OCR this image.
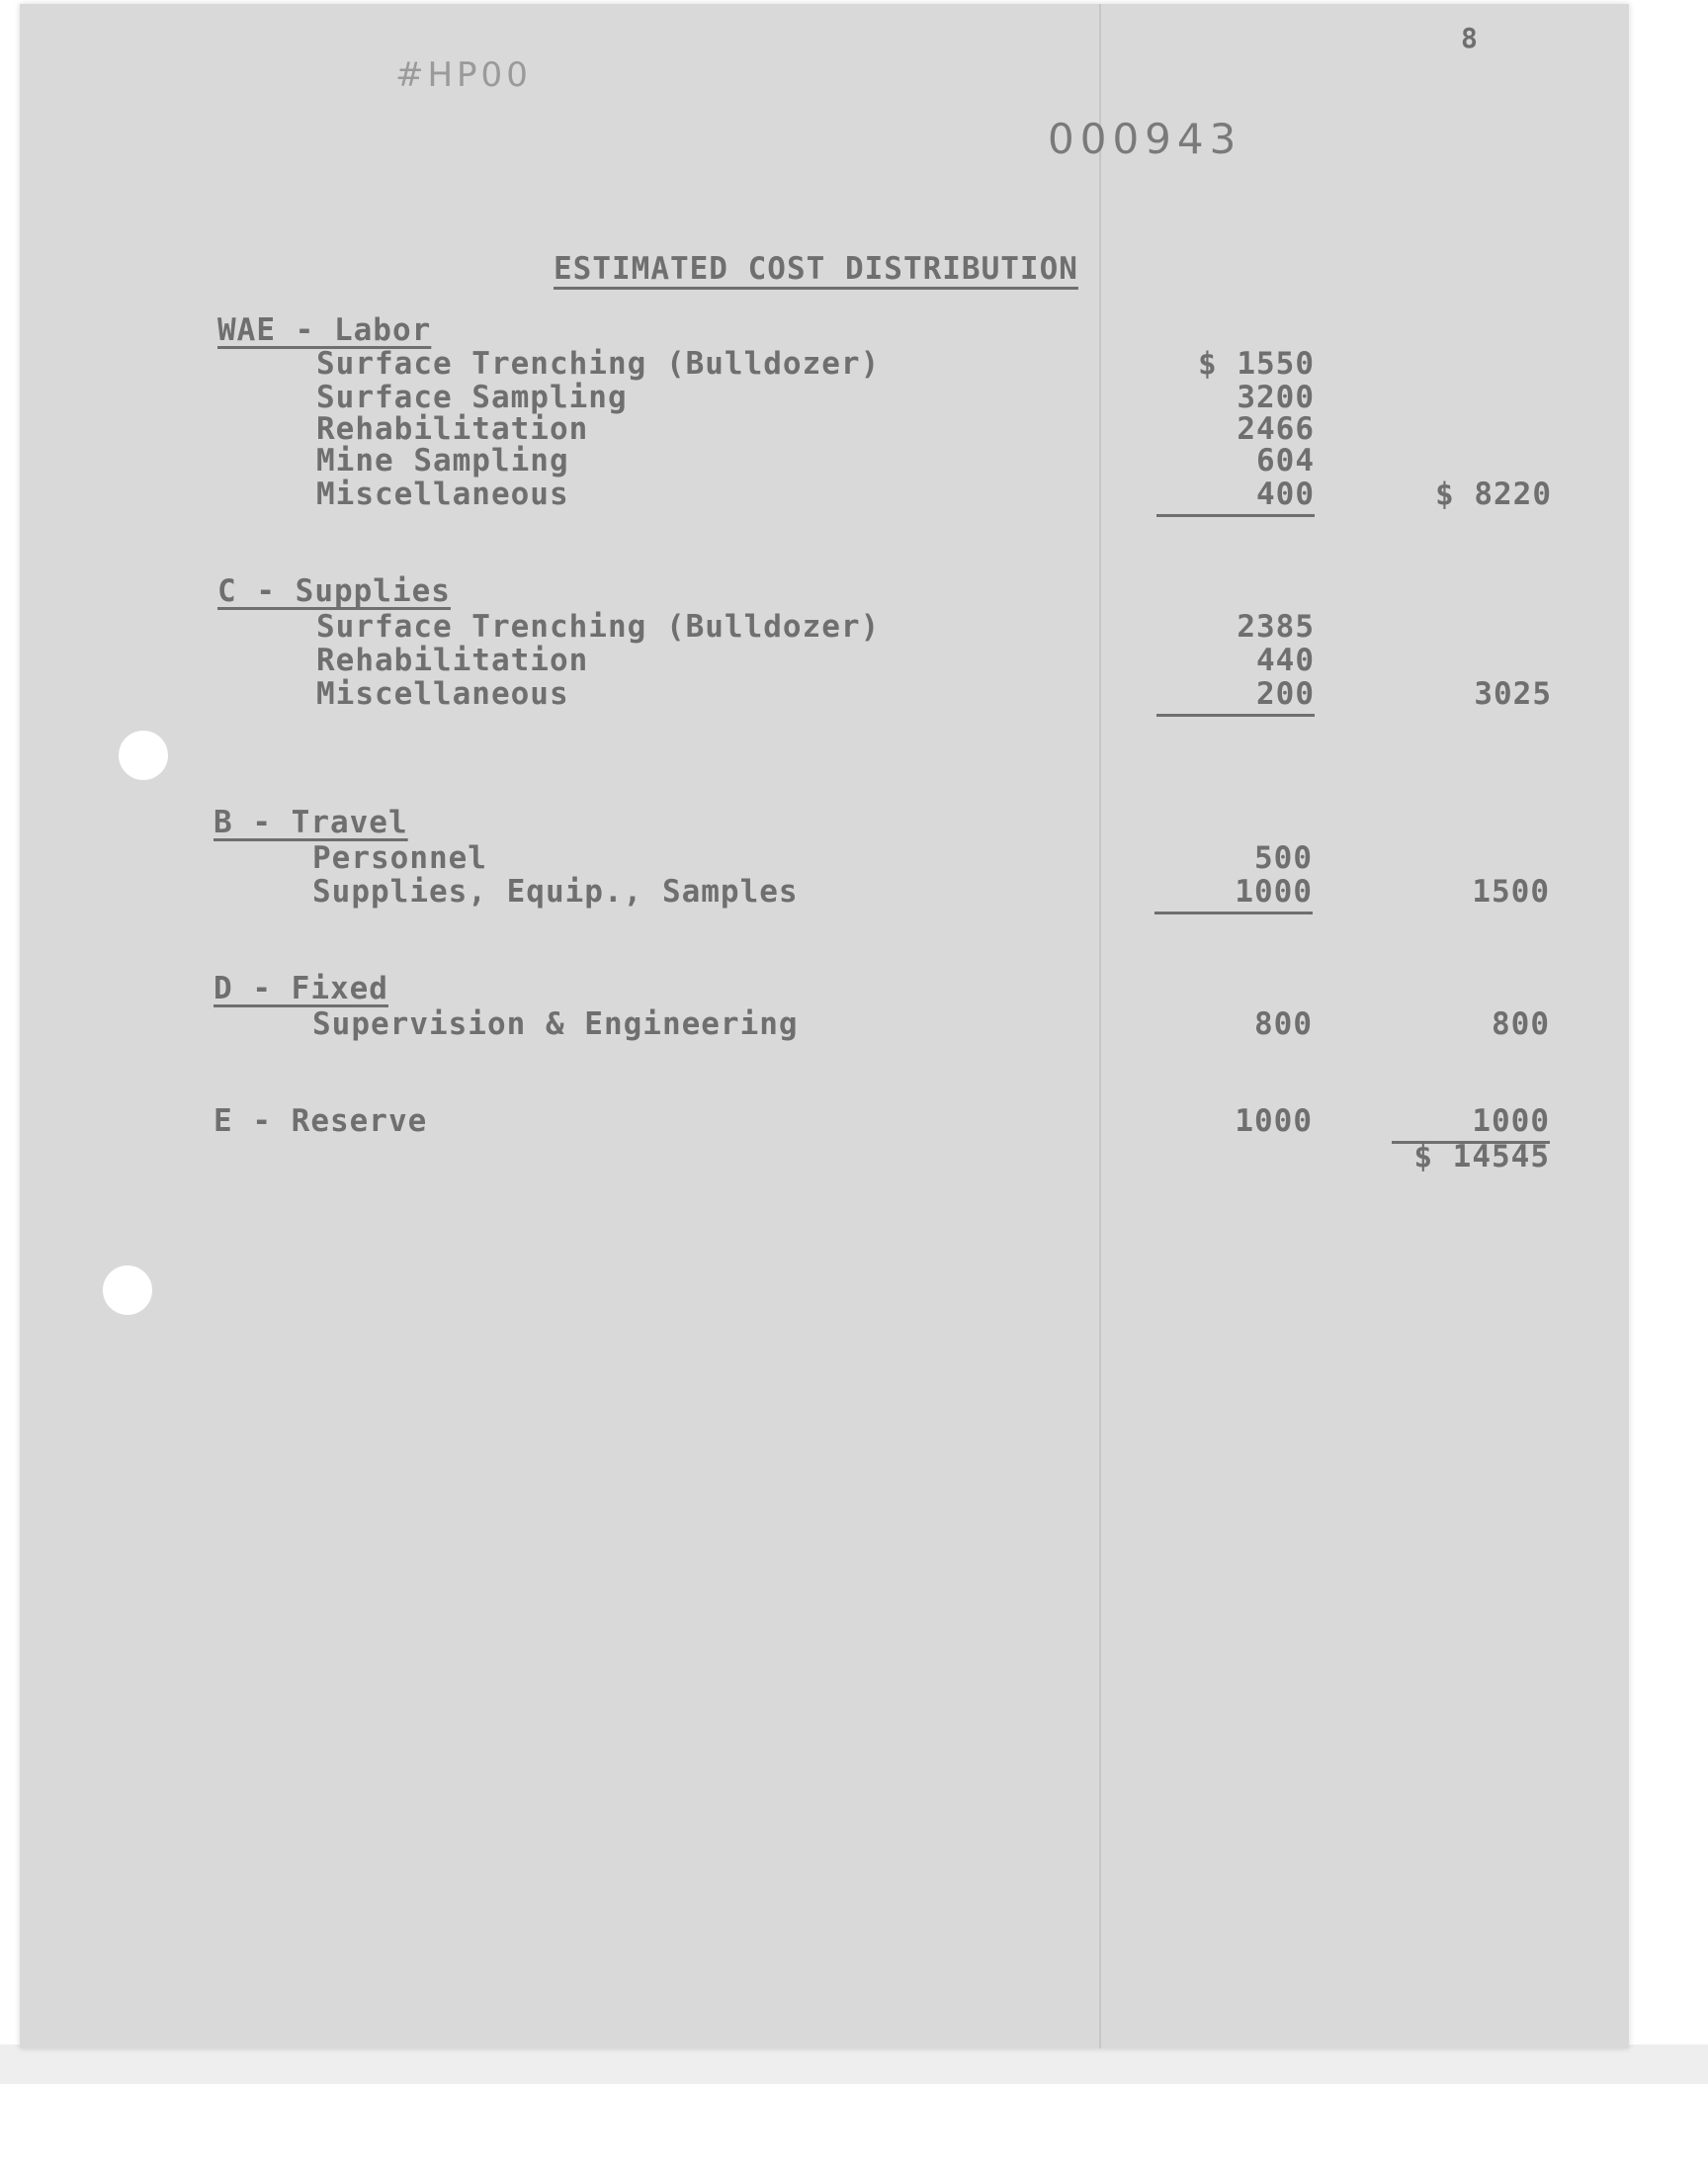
8
#HP00
000943
ESTIMATED COST DISTRIBUTION
WAE - Labor
Surface Trenching (Bulldozer)	$ 1550
Surface Sampling	3200
Rehabilitation	2466
Mine Sampling	604
Miscellaneous	400	$ 8220
C - Supplies
Surface Trenching (Bulldozer)	2385
Rehabilitation	440
Miscellaneous	200	3025
B - Travel
Personnel	500
Supplies, Equip., Samples	1000	1500
D - Fixed
Supervision & Engineering	800	800
E - Reserve	1000	1000
$ 14545
